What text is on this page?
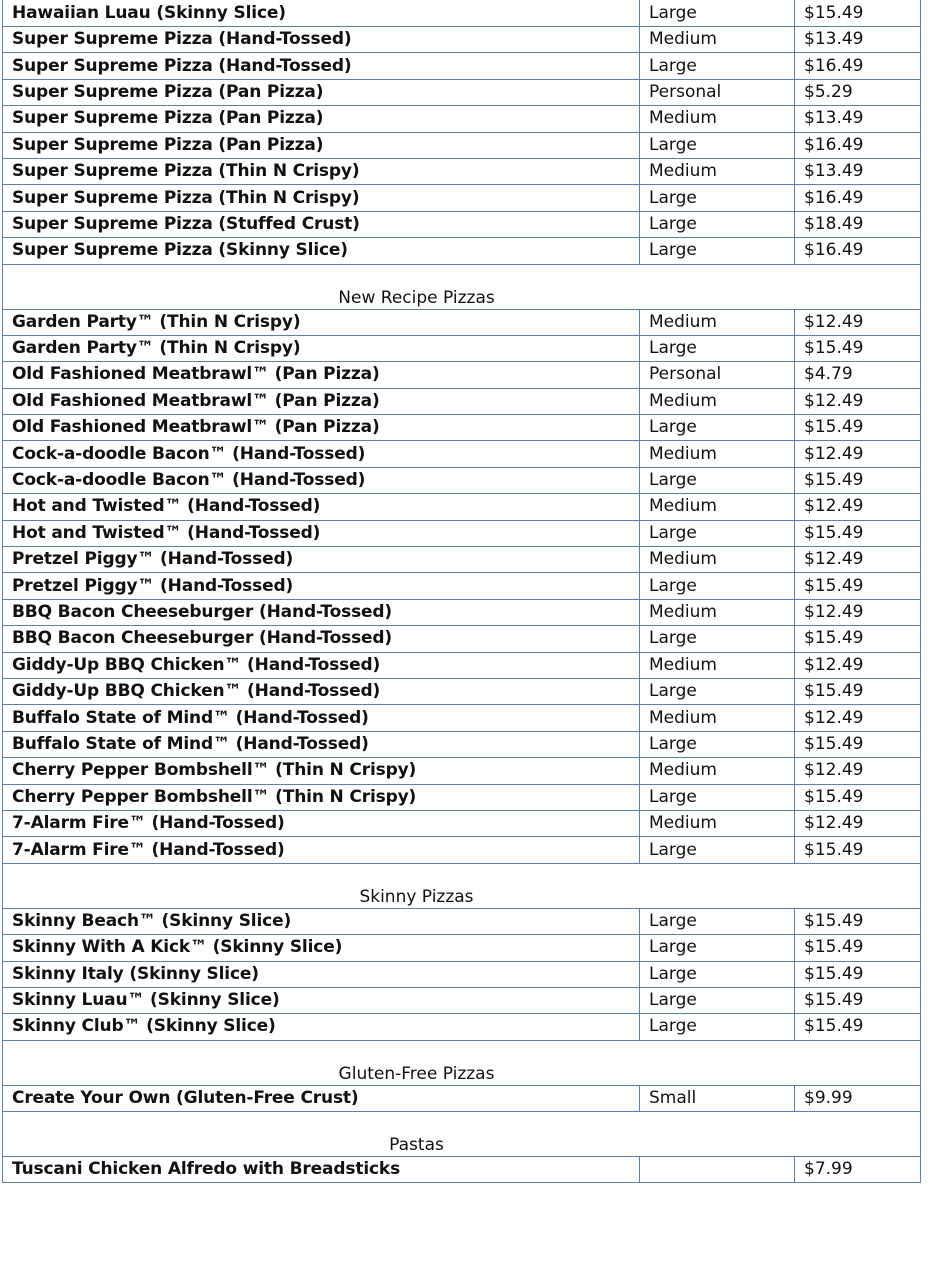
Hawaiian Luau (Skinny Slice)	Large	$15.49
Super Supreme Pizza (Hand-Tossed)	Medium	$13.49
Super Supreme Pizza (Hand-Tossed)	Large	$16.49
Super Supreme Pizza (Pan Pizza)	Personal	$5.29
Super Supreme Pizza (Pan Pizza)	Medium	$13.49
Super Supreme Pizza (Pan Pizza)	Large	$16.49
Super Supreme Pizza (Thin N Crispy)	Medium	$13.49
Super Supreme Pizza (Thin N Crispy)	Large	$16.49
Super Supreme Pizza (Stuffed Crust)	Large	$18.49
Super Supreme Pizza (Skinny Slice)	Large	$16.49
New Recipe Pizzas		
Garden Party™ (Thin N Crispy)	Medium	$12.49
Garden Party™ (Thin N Crispy)	Large	$15.49
Old Fashioned Meatbrawl™ (Pan Pizza)	Personal	$4.79
Old Fashioned Meatbrawl™ (Pan Pizza)	Medium	$12.49
Old Fashioned Meatbrawl™ (Pan Pizza)	Large	$15.49
Cock-a-doodle Bacon™ (Hand-Tossed)	Medium	$12.49
Cock-a-doodle Bacon™ (Hand-Tossed)	Large	$15.49
Hot and Twisted™ (Hand-Tossed)	Medium	$12.49
Hot and Twisted™ (Hand-Tossed)	Large	$15.49
Pretzel Piggy™ (Hand-Tossed)	Medium	$12.49
Pretzel Piggy™ (Hand-Tossed)	Large	$15.49
BBQ Bacon Cheeseburger (Hand-Tossed)	Medium	$12.49
BBQ Bacon Cheeseburger (Hand-Tossed)	Large	$15.49
Giddy-Up BBQ Chicken™ (Hand-Tossed)	Medium	$12.49
Giddy-Up BBQ Chicken™ (Hand-Tossed)	Large	$15.49
Buffalo State of Mind™ (Hand-Tossed)	Medium	$12.49
Buffalo State of Mind™ (Hand-Tossed)	Large	$15.49
Cherry Pepper Bombshell™ (Thin N Crispy)	Medium	$12.49
Cherry Pepper Bombshell™ (Thin N Crispy)	Large	$15.49
7-Alarm Fire™ (Hand-Tossed)	Medium	$12.49
7-Alarm Fire™ (Hand-Tossed)	Large	$15.49
Skinny Pizzas		
Skinny Beach™ (Skinny Slice)	Large	$15.49
Skinny With A Kick™ (Skinny Slice)	Large	$15.49
Skinny Italy (Skinny Slice)	Large	$15.49
Skinny Luau™ (Skinny Slice)	Large	$15.49
Skinny Club™ (Skinny Slice)	Large	$15.49
Gluten-Free Pizzas		
Create Your Own (Gluten-Free Crust)	Small	$9.99
Pastas		
Tuscani Chicken Alfredo with Breadsticks		$7.99
